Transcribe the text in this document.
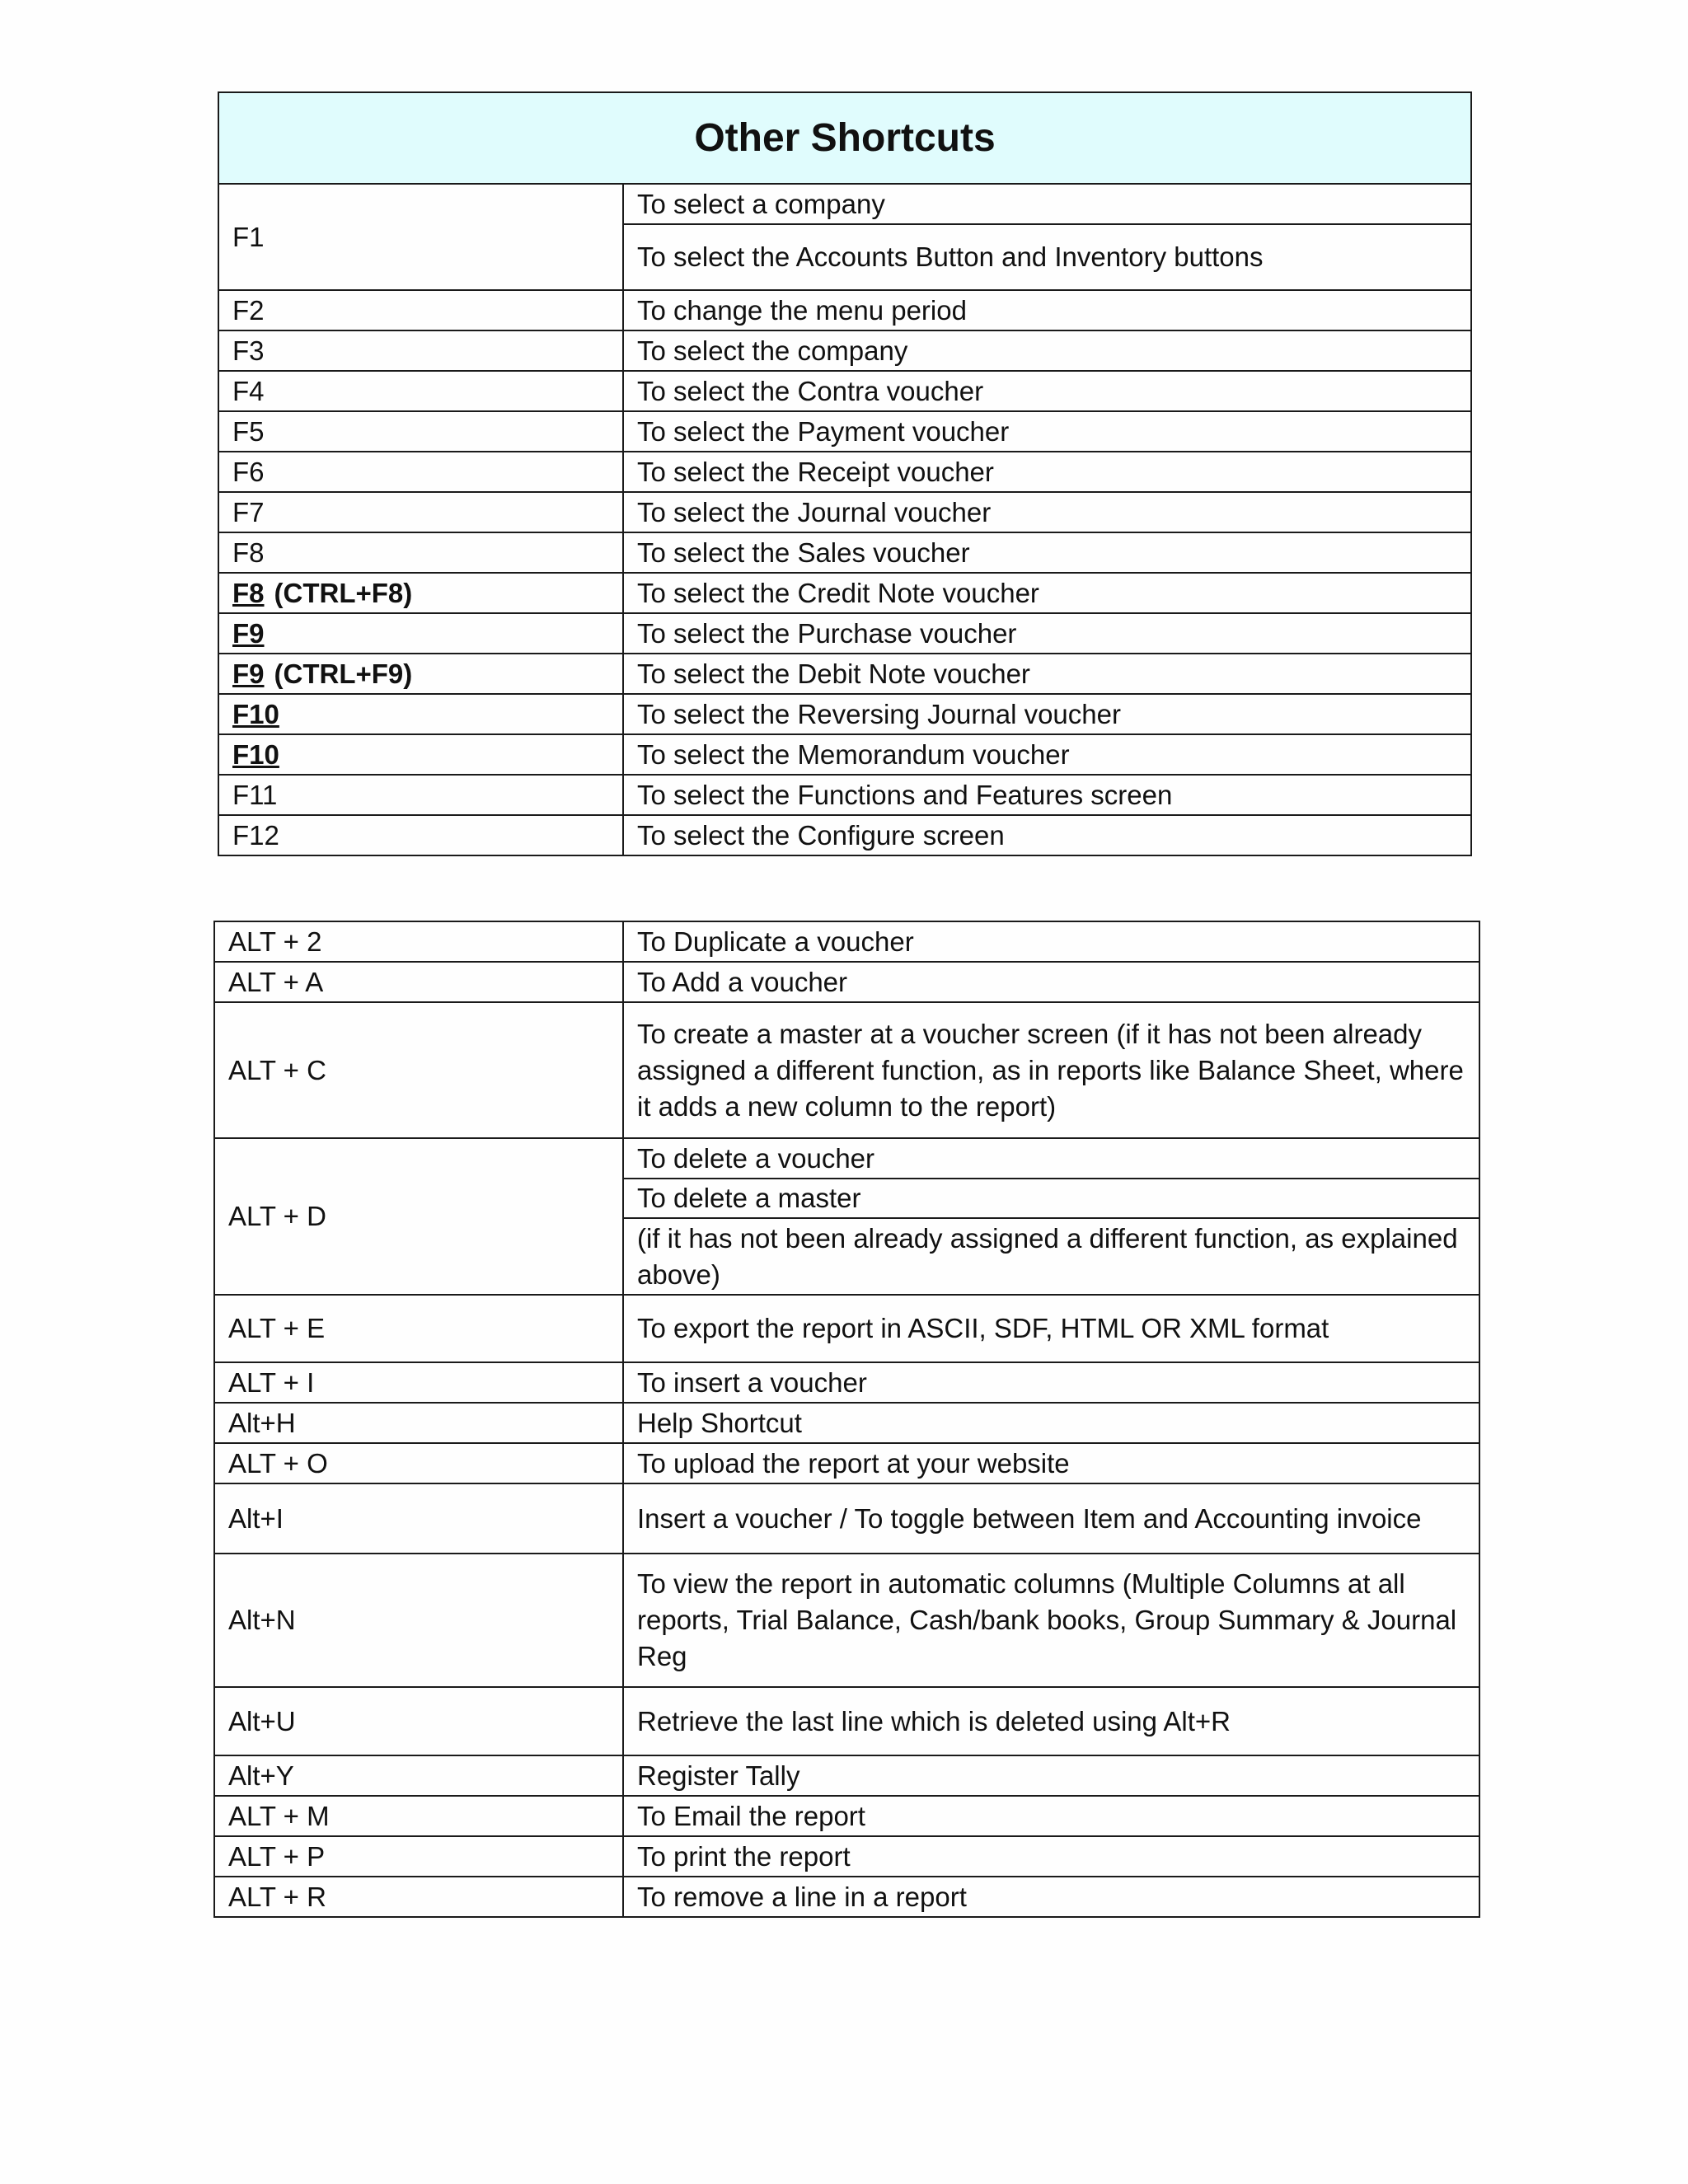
Other Shortcuts	
F1	To select a company
	To select the Accounts Button and Inventory buttons
F2	To change the menu period
F3	To select the company
F4	To select the Contra voucher
F5	To select the Payment voucher
F6	To select the Receipt voucher
F7	To select the Journal voucher
F8	To select the Sales voucher
F8 (CTRL+F8)	To select the Credit Note voucher
F9	To select the Purchase voucher
F9 (CTRL+F9)	To select the Debit Note voucher
F10	To select the Reversing Journal voucher
F10	To select the Memorandum voucher
F11	To select the Functions and Features screen
F12	To select the Configure screen
ALT + 2	To Duplicate a voucher
ALT + A	To Add a voucher
ALT + C	To create a master at a voucher screen (if it has not been already assigned a different function, as in reports like Balance Sheet, where it adds a new column to the report)
ALT + D	To delete a voucher
	To delete a master
	(if it has not been already assigned a different function, as explained above)
ALT + E	To export the report in ASCII, SDF, HTML OR XML format
ALT + I	To insert a voucher
Alt+H	Help Shortcut
ALT + O	To upload the report at your website
Alt+I	Insert a voucher / To toggle between Item and Accounting invoice
Alt+N	To view the report in automatic columns (Multiple Columns at all reports, Trial Balance, Cash/bank books, Group Summary & Journal Reg
Alt+U	Retrieve the last line which is deleted using Alt+R
Alt+Y	Register Tally
ALT + M	To Email the report
ALT + P	To print the report
ALT + R	To remove a line in a report
